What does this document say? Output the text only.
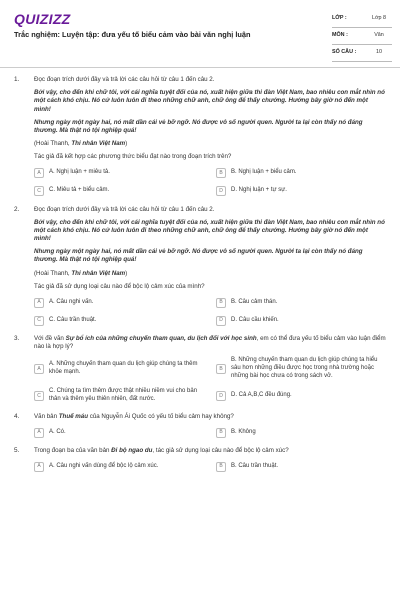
QUIZIZZ
Trắc nghiệm: Luyện tập: đưa yếu tố biểu cảm vào bài văn nghị luận
LỚP :	Lớp 8
MÔN :	Văn
SỐ CÂU :	10
1. Đọc đoạn trích dưới đây và trả lời các câu hỏi từ câu 1 đến câu 2.
Bởi vậy, cho đến khi chữ tôi, với cái nghĩa tuyệt đối của nó, xuất hiện giữa thi đàn Việt Nam, bao nhiêu con mắt nhìn nó một cách khó chịu. Nó cứ luôn luôn đi theo những chữ anh, chữ ông để thấy chướng. Hướng bây giờ nó đến một mình!
Nhưng ngày một ngày hai, nó mất dần cái vẻ bỡ ngỡ. Nó được vô số người quen. Người ta lại còn thấy nó đáng thương. Mà thật nó tội nghiệp quá!
(Hoài Thanh, Thi nhân Việt Nam)
Tác giả đã kết hợp các phương thức biểu đạt nào trong đoạn trích trên?
A	A. Nghị luận + miêu tả.	B	B. Nghị luận + biểu cảm.
C	C. Miêu tả + biểu cảm.	D	D. Nghị luận + tự sự.
2. Đọc đoạn trích dưới đây và trả lời các câu hỏi từ câu 1 đến câu 2.
Bởi vậy, cho đến khi chữ tôi, với cái nghĩa tuyệt đối của nó, xuất hiện giữa thi đàn Việt Nam, bao nhiêu con mắt nhìn nó một cách khó chịu. Nó cứ luôn luôn đi theo những chữ anh, chữ ông để thấy chướng. Hướng bây giờ nó đến một mình!
Nhưng ngày một ngày hai, nó mất dần cái vẻ bỡ ngỡ. Nó được vô số người quen. Người ta lại còn thấy nó đáng thương. Mà thật nó tội nghiệp quá!
(Hoài Thanh, Thi nhân Việt Nam)
Tác giả đã sử dụng loại câu nào để bộc lộ cảm xúc của mình?
A	A. Câu nghi vấn.	B	B. Câu cảm thán.
C	C. Câu trần thuật.	D	D. Câu cầu khiến.
3. Với đề văn Sự bổ ích của những chuyến tham quan, du lịch đối với học sinh, em có thể đưa yếu tố biểu cảm vào luận điểm nào là hợp lý?
A
A. Những chuyến tham quan du lịch giúp chúng ta thêm khỏe mạnh.
B
B. Những chuyến tham quan du lịch giúp chúng ta hiểu sâu hơn những điều được học trong nhà trường hoặc những bài học chưa có trong sách vở.
C
C. Chúng ta tìm thêm được thật nhiều niềm vui cho bản thân và thêm yêu thiên nhiên, đất nước.
D	D. Cả A,B,C đều đúng.
4. Văn bản Thuế máu của Nguyễn Ái Quốc có yếu tố biểu cảm hay không?
A	A. Có.	B	B. Không
5. Trong đoạn ba của văn bản Đi bộ ngao du, tác giả sử dụng loại câu nào để bộc lộ cảm xúc?
A	A. Câu nghi vấn dùng để bộc lộ cảm xúc.	B	B. Câu trần thuật.
